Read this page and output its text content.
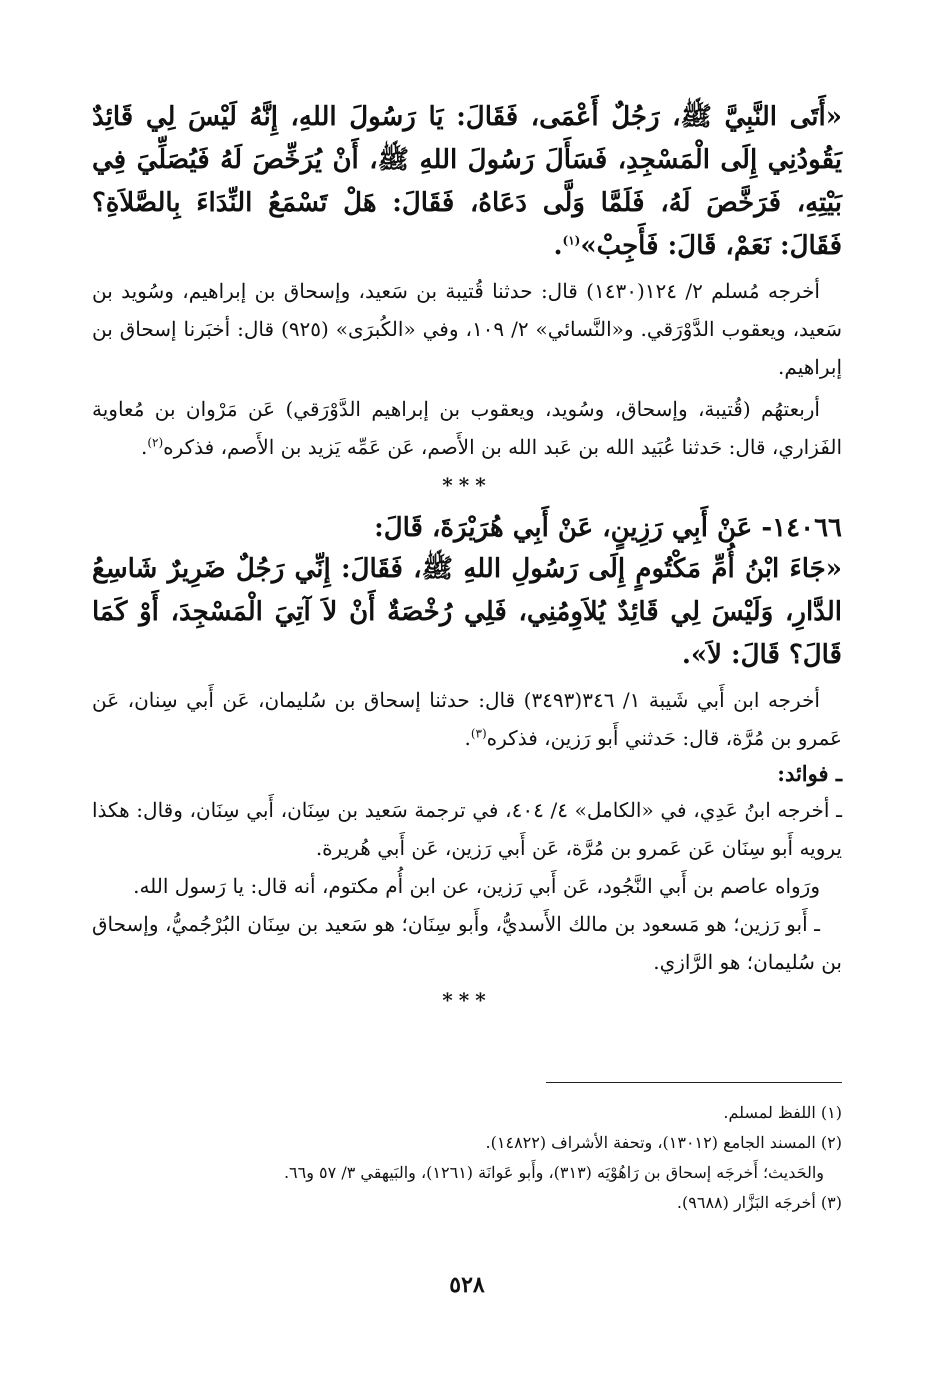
«أَتَى النَّبِيَّ ﷺ، رَجُلٌ أَعْمَى، فَقَالَ: يَا رَسُولَ اللهِ، إِنَّهُ لَيْسَ لِي قَائِدٌ يَقُودُنِي إِلَى الْمَسْجِدِ، فَسَأَلَ رَسُولَ اللهِ ﷺ، أَنْ يُرَخِّصَ لَهُ فَيُصَلِّيَ فِي بَيْتِهِ، فَرَخَّصَ لَهُ، فَلَمَّا وَلَّى دَعَاهُ، فَقَالَ: هَلْ تَسْمَعُ النِّدَاءَ بِالصَّلاَةِ؟ فَقَالَ: نَعَمْ، قَالَ: فَأَجِبْ»$^{(١)}$.

أخرجه مُسلم ٢/ ١٢٤(١٤٣٠) قال: حدثنا قُتيبة بن سَعيد، وإسحاق بن إبراهيم، وسُويد بن سَعيد، ويعقوب الدَّوْرَقي. و«النَّسائي» ٢/ ١٠٩، وفي «الكُبرَى» (٩٢٥) قال: أخبَرنا إسحاق بن إبراهيم.

أربعتهُم (قُتيبة، وإسحاق، وسُويد، ويعقوب بن إبراهيم الدَّوْرَقي) عَن مَرْوان بن مُعاوية الفَزاري، قال: حَدثنا عُبَيد الله بن عَبد الله بن الأَصم، عَن عَمِّه يَزيد بن الأَصم، فذكره$^{(٢)}$.

***

١٤٠٦٦- عَنْ أَبِي رَزِينٍ، عَنْ أَبِي هُرَيْرَةَ، قَالَ:

«جَاءَ ابْنُ أُمِّ مَكْتُومٍ إِلَى رَسُولِ اللهِ ﷺ، فَقَالَ: إِنِّي رَجُلٌ ضَرِيرٌ شَاسِعُ الدَّارِ، وَلَيْسَ لِي قَائِدٌ يُلاَوِمُنِي، فَلِي رُخْصَةٌ أَنْ لاَ آتِيَ الْمَسْجِدَ، أَوْ كَمَا قَالَ؟ قَالَ: لاَ».

أخرجه ابن أَبي شَيبة ١/ ٣٤٦(٣٤٩٣) قال: حدثنا إسحاق بن سُليمان، عَن أَبي سِنان، عَن عَمرو بن مُرَّة، قال: حَدثني أَبو رَزين، فذكره$^{(٣)}$.

ـ فوائد:

ـ أخرجه ابنُ عَدِي، في «الكامل» ٤/ ٤٠٤، في ترجمة سَعيد بن سِنَان، أَبي سِنَان، وقال: هكذا يرويه أَبو سِنَان عَن عَمرو بن مُرَّة، عَن أَبي رَزين، عَن أَبي هُريرة.

ورَواه عاصم بن أَبي النَّجُود، عَن أَبي رَزين، عن ابن أُم مكتوم، أنه قال: يا رَسول الله.

ـ أَبو رَزين؛ هو مَسعود بن مالك الأَسديُّ، وأَبو سِنَان؛ هو سَعيد بن سِنَان البُرْجُميُّ، وإسحاق بن سُليمان؛ هو الرَّازي.

***

(١) اللفظ لمسلم.

(٢) المسند الجامع (١٣٠١٢)، وتحفة الأشراف (١٤٨٢٢).

والحَديث؛ أَخرجَه إسحاق بن رَاهُوْيَه (٣١٣)، وأَبو عَوانَة (١٢٦١)، والبَيهقي ٣/ ٥٧ و٦٦.

(٣) أخرجَه البَزَّار (٩٦٨٨).

٥٢٨
